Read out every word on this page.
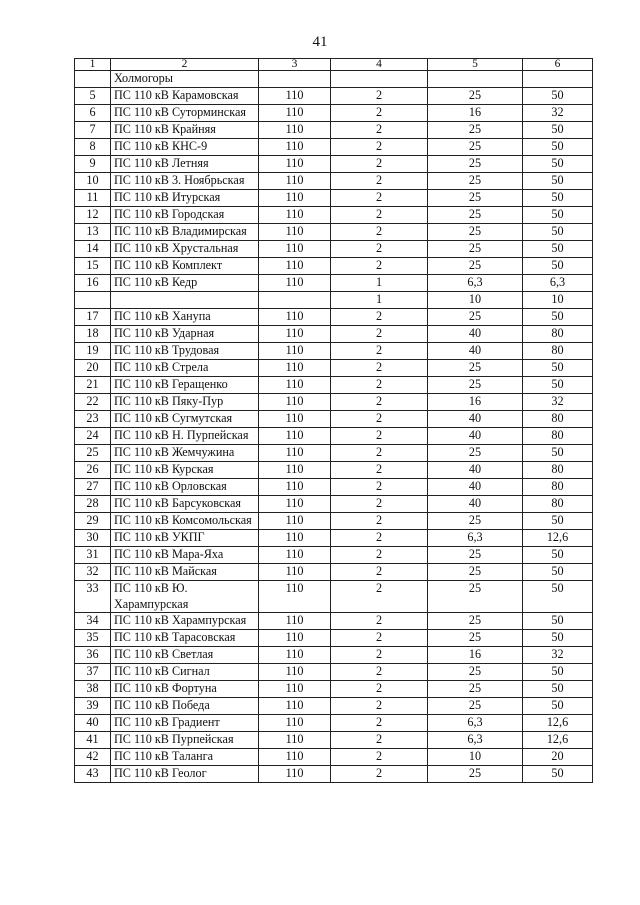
41
1	2	3	4	5	6
	Холмогоры				
5	ПС 110 кВ Карамовская	110	2	25	50
6	ПС 110 кВ Суторминская	110	2	16	32
7	ПС 110 кВ Крайняя	110	2	25	50
8	ПС 110 кВ КНС-9	110	2	25	50
9	ПС 110 кВ Летняя	110	2	25	50
10	ПС 110 кВ 3. Ноябрьская	110	2	25	50
11	ПС 110 кВ Итурская	110	2	25	50
12	ПС 110 кВ Городская	110	2	25	50
13	ПС 110 кВ Владимирская	110	2	25	50
14	ПС 110 кВ Хрустальная	110	2	25	50
15	ПС 110 кВ Комплект	110	2	25	50
16	ПС 110 кВ Кедр	110	1	6,3	6,3
			1	10	10
17	ПС 110 кВ Ханупа	110	2	25	50
18	ПС 110 кВ Ударная	110	2	40	80
19	ПС 110 кВ Трудовая	110	2	40	80
20	ПС 110 кВ Стрела	110	2	25	50
21	ПС 110 кВ Геращенко	110	2	25	50
22	ПС 110 кВ Пяку-Пур	110	2	16	32
23	ПС 110 кВ Сугмутская	110	2	40	80
24	ПС 110 кВ Н. Пурпейская	110	2	40	80
25	ПС 110 кВ Жемчужина	110	2	25	50
26	ПС 110 кВ Курская	110	2	40	80
27	ПС 110 кВ Орловская	110	2	40	80
28	ПС 110 кВ Барсуковская	110	2	40	80
29	ПС 110 кВ Комсомольская	110	2	25	50
30	ПС 110 кВ УКПГ	110	2	6,3	12,6
31	ПС 110 кВ Мара-Яха	110	2	25	50
32	ПС 110 кВ Майская	110	2	25	50
33	ПС 110 кВ Ю. Харампурская	110	2	25	50
34	ПС 110 кВ Харампурская	110	2	25	50
35	ПС 110 кВ Тарасовская	110	2	25	50
36	ПС 110 кВ Светлая	110	2	16	32
37	ПС 110 кВ Сигнал	110	2	25	50
38	ПС 110 кВ Фортуна	110	2	25	50
39	ПС 110 кВ Победа	110	2	25	50
40	ПС 110 кВ Градиент	110	2	6,3	12,6
41	ПС 110 кВ Пурпейская	110	2	6,3	12,6
42	ПС 110 кВ Таланга	110	2	10	20
43	ПС 110 кВ Геолог	110	2	25	50
